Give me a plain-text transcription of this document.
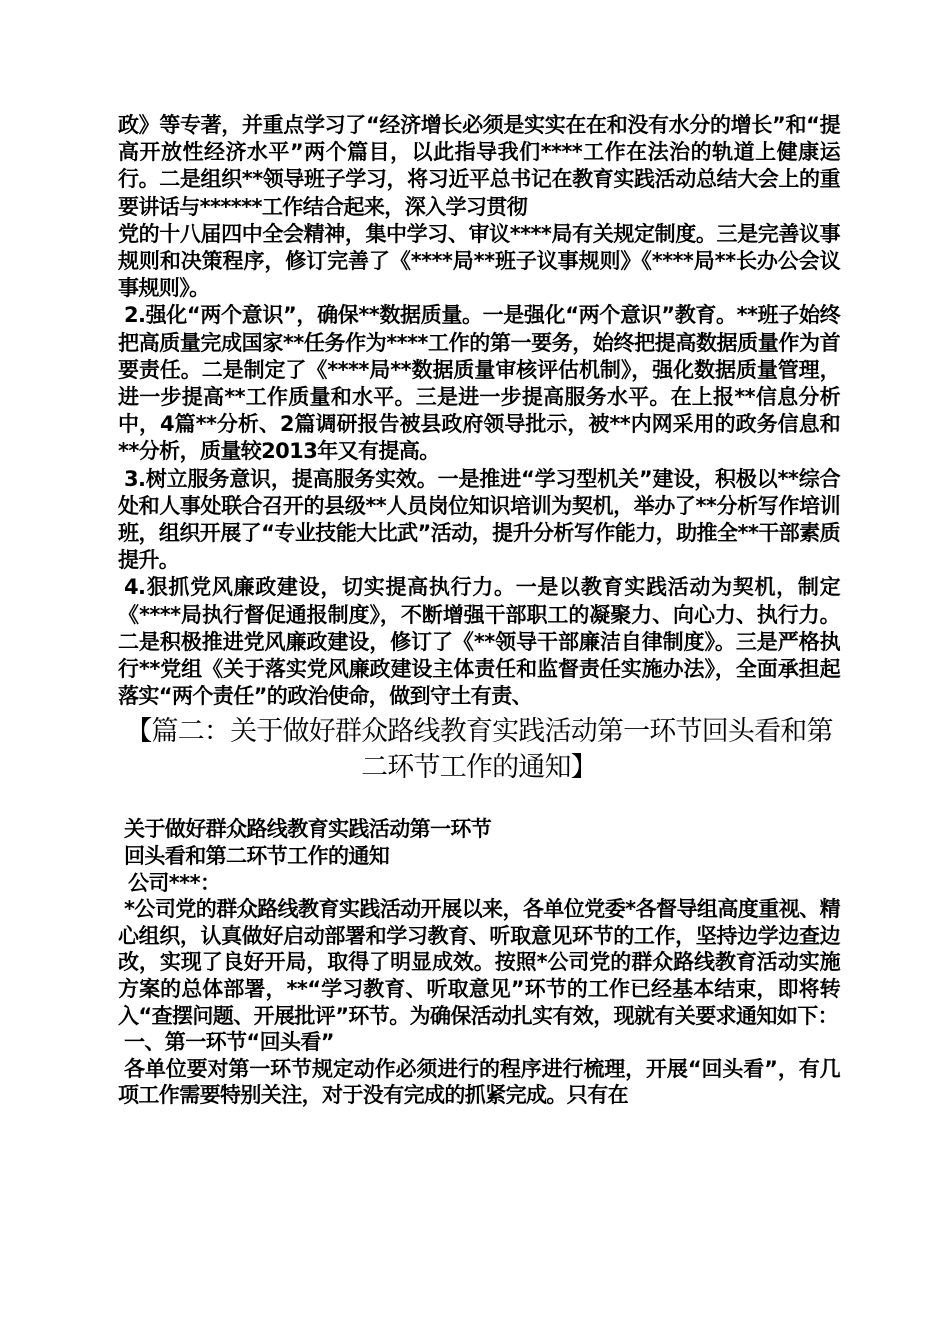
政》等专著，并重点学习了“经济增长必须是实实在在和没有水分的增长”和“提高开放性经济水平”两个篇目，以此指导我们****工作在法治的轨道上健康运行。二是组织**领导班子学习，将习近平总书记在教育实践活动总结大会上的重要讲话与******工作结合起来，深入学习贯彻

党的十八届四中全会精神，集中学习、审议****局有关规定制度。三是完善议事规则和决策程序，修订完善了《****局**班子议事规则》《****局**长办公会议事规则》。

2.强化“两个意识”，确保**数据质量。一是强化“两个意识”教育。**班子始终把高质量完成国家**任务作为****工作的第一要务，始终把提高数据质量作为首要责任。二是制定了《****局**数据质量审核评估机制》，强化数据质量管理，进一步提高**工作质量和水平。三是进一步提高服务水平。在上报**信息分析中，4篇**分析、2篇调研报告被县政府领导批示，被**内网采用的政务信息和**分析，质量较2013年又有提高。

3.树立服务意识，提高服务实效。一是推进“学习型机关”建设，积极以**综合处和人事处联合召开的县级**人员岗位知识培训为契机，举办了**分析写作培训班，组织开展了“专业技能大比武”活动，提升分析写作能力，助推全**干部素质提升。

4.狠抓党风廉政建设，切实提高执行力。一是以教育实践活动为契机，制定《****局执行督促通报制度》，不断增强干部职工的凝聚力、向心力、执行力。二是积极推进党风廉政建设，修订了《**领导干部廉洁自律制度》。三是严格执行**党组《关于落实党风廉政建设主体责任和监督责任实施办法》，全面承担起落实“两个责任”的政治使命，做到守土有责、

【篇二：关于做好群众路线教育实践活动第一环节回头看和第二环节工作的通知】

关于做好群众路线教育实践活动第一环节

回头看和第二环节工作的通知

公司***：

*公司党的群众路线教育实践活动开展以来，各单位党委*各督导组高度重视、精心组织，认真做好启动部署和学习教育、听取意见环节的工作，坚持边学边查边改，实现了良好开局，取得了明显成效。按照*公司党的群众路线教育活动实施方案的总体部署，**“学习教育、听取意见”环节的工作已经基本结束，即将转入“查摆问题、开展批评”环节。为确保活动扎实有效，现就有关要求通知如下：

一、第一环节“回头看”

各单位要对第一环节规定动作必须进行的程序进行梳理，开展“回头看”，有几项工作需要特别关注，对于没有完成的抓紧完成。只有在
